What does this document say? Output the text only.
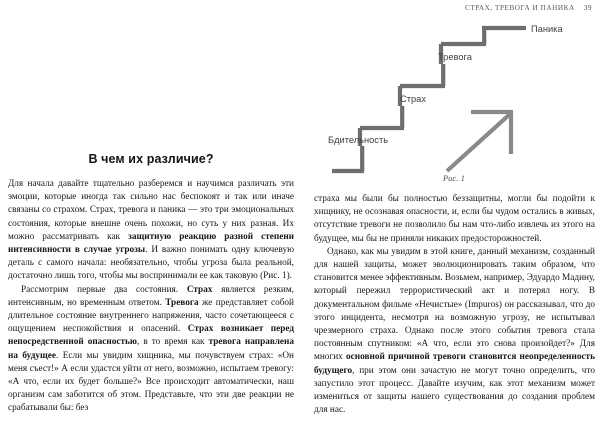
СТРАХ, ТРЕВОГА И ПАНИКА 39
Бдительность
Страх
Тревога
Паника
Рис. 1
В чем их различие?

Для начала давайте тщательно разберемся и научимся различать эти эмоции, которые иногда так сильно нас беспокоят и так или иначе связаны со страхом. Страх, тревога и паника — это три эмоциональных состояния, которые внешне очень похожи, но суть у них разная. Их можно рассматривать как защитную реакцию разной степени интенсивности в случае угрозы. И важно понимать одну ключевую деталь с самого начала: необязательно, чтобы угроза была реальной, достаточно лишь того, чтобы мы воспринимали ее как таковую (Рис. 1).

Рассмотрим первые два состояния. Страх является резким, интенсивным, но временным ответом. Тревога же представляет собой длительное состояние внутреннего напряжения, часто сочетающееся с ощущением неспокойствия и опасений. Страх возникает перед непосредственной опасностью, в то время как тревога направлена на будущее. Если мы увидим хищника, мы почувствуем страх: «Он меня съест!» А если удастся уйти от него, возможно, испытаем тревогу: «А что, если их будет больше?» Все происходит автоматически, наш организм сам заботится об этом. Представьте, что эти две реакции не срабатывали бы: без

страха мы были бы полностью беззащитны, могли бы подойти к хищнику, не осознавая опасности, и, если бы чудом остались в живых, отсутствие тревоги не позволило бы нам что-либо извлечь из этого на будущее, мы бы не приняли никаких предосторожностей.

Однако, как мы увидим в этой книге, данный механизм, созданный для нашей защиты, может эволюционировать таким образом, что становится менее эффективным. Возьмем, например, Эдуардо Мадину, который пережил террористический акт и потерял ногу. В документальном фильме «Нечистые» (Impuros) он рассказывал, что до этого инцидента, несмотря на возможную угрозу, не испытывал чрезмерного страха. Однако после этого события тревога стала постоянным спутником: «А что, если это снова произойдет?» Для многих основной причиной тревоги становится неопределенность будущего, при этом они зачастую не могут точно определить, что запустило этот процесс. Давайте изучим, как этот механизм может измениться от защиты нашего существования до создания проблем для нас.
